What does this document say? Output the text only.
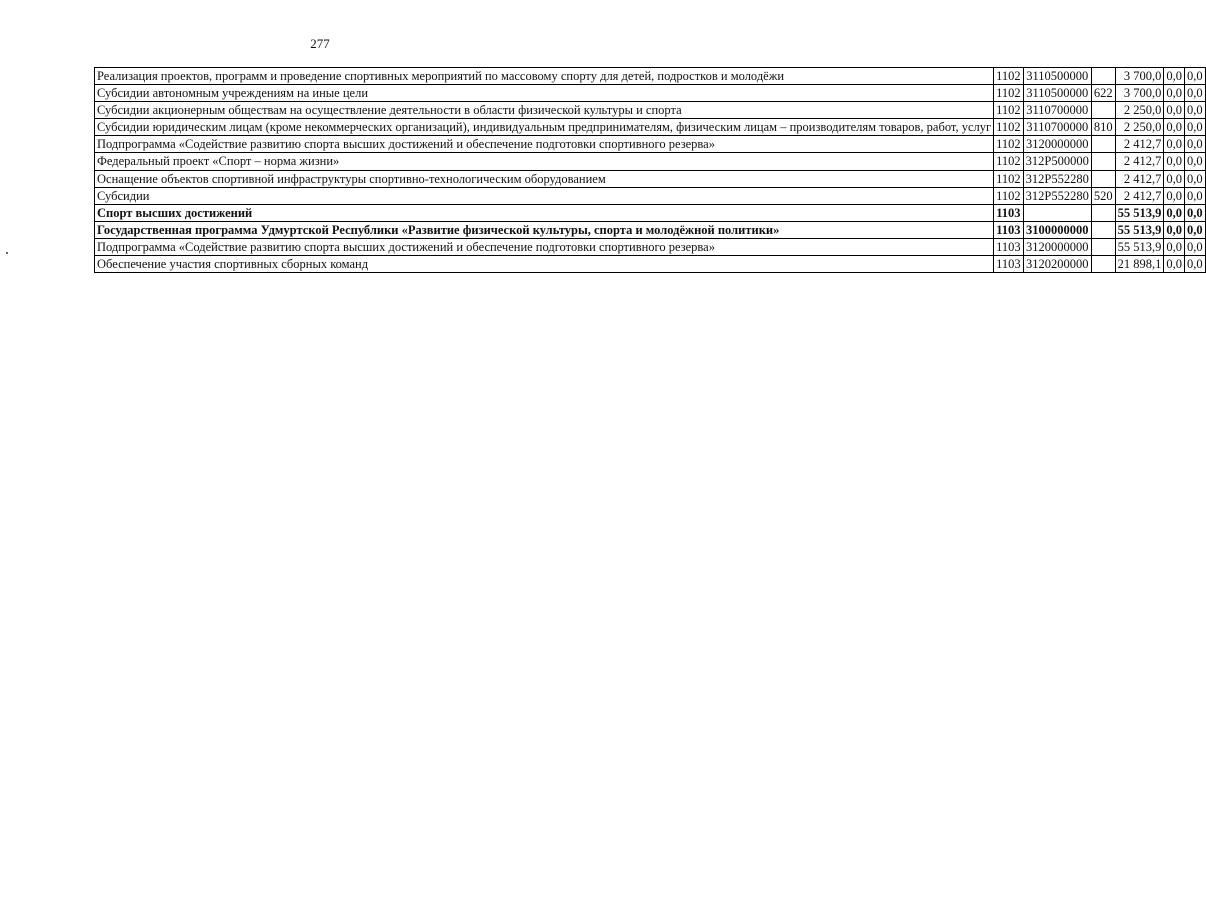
277
Реализация проектов, программ и проведение спортивных мероприятий по массовому спорту для детей, подростков и молодёжи	1102	3110500000		3 700,0	0,0	0,0
Субсидии автономным учреждениям на иные цели	1102	3110500000	622	3 700,0	0,0	0,0
Субсидии акционерным обществам на осуществление деятельности в области физической культуры и спорта	1102	3110700000		2 250,0	0,0	0,0
Субсидии юридическим лицам (кроме некоммерческих организаций), индивидуальным предпринимателям, физическим лицам – производителям товаров, работ, услуг	1102	3110700000	810	2 250,0	0,0	0,0
Подпрограмма «Содействие развитию спорта высших достижений и обеспечение подготовки спортивного резерва»	1102	3120000000		2 412,7	0,0	0,0
Федеральный проект «Спорт – норма жизни»	1102	312P500000		2 412,7	0,0	0,0
Оснащение объектов спортивной инфраструктуры спортивно-технологическим оборудованием	1102	312P552280		2 412,7	0,0	0,0
Субсидии	1102	312P552280	520	2 412,7	0,0	0,0
Спорт высших достижений	1103			55 513,9	0,0	0,0
Государственная программа Удмуртской Республики «Развитие физической культуры, спорта и молодёжной политики»	1103	3100000000		55 513,9	0,0	0,0
Подпрограмма «Содействие развитию спорта высших достижений и обеспечение подготовки спортивного резерва»	1103	3120000000		55 513,9	0,0	0,0
Обеспечение участия спортивных сборных команд	1103	3120200000		21 898,1	0,0	0,0
